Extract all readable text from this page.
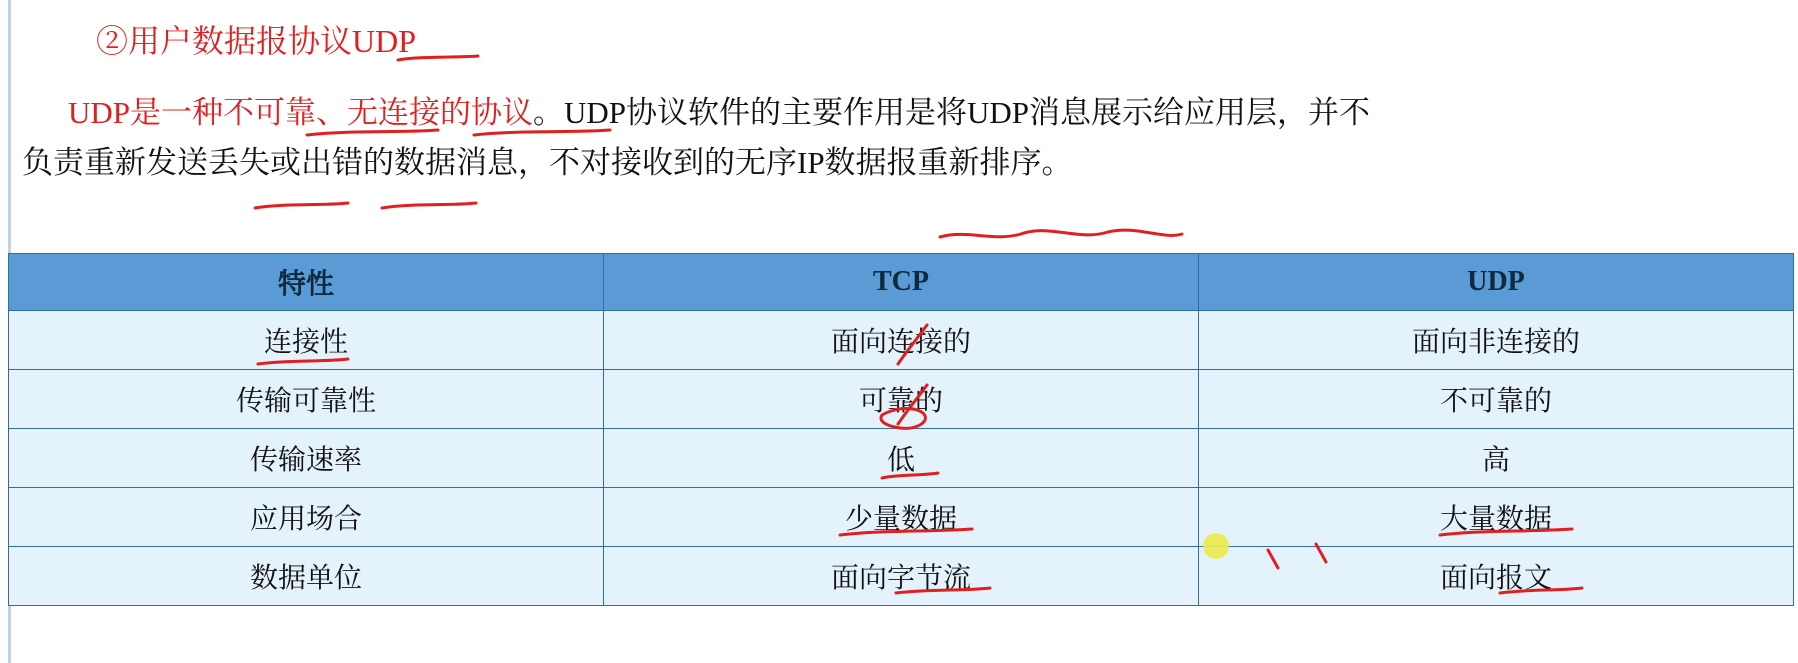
②用户数据报协议UDP
UDP是一种不可靠、无连接的协议。UDP协议软件的主要作用是将UDP消息展示给应用层，并不
负责重新发送丢失或出错的数据消息，不对接收到的无序IP数据报重新排序。
特性	TCP	UDP
连接性	面向连接的	面向非连接的
传输可靠性	可靠的	不可靠的
传输速率	低	高
应用场合	少量数据	大量数据
数据单位	面向字节流	面向报文
